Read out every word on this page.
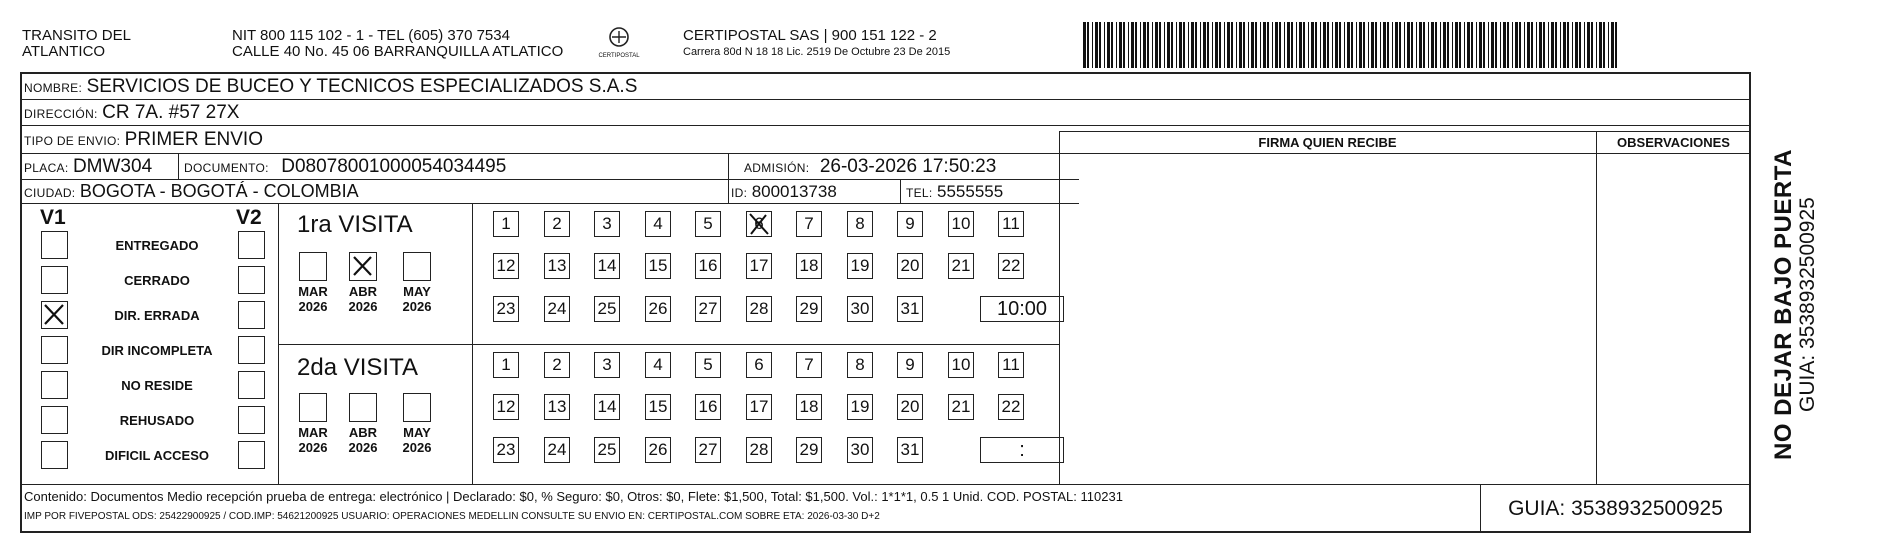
TRANSITO DEL
ATLANTICO
NIT 800 115 102 - 1 - TEL (605) 370 7534
CALLE 40 No. 45 06 BARRANQUILLA ATLATICO	CERTIPOSTAL
CERTIPOSTAL SAS | 900 151 122 - 2
Carrera 80d N 18 18 Lic. 2519 De Octubre 23 De 2015
NOMBRE: SERVICIOS DE BUCEO Y TECNICOS ESPECIALIZADOS S.A.S
DIRECCIÓN: CR 7A. #57 27X
TIPO DE ENVIO: PRIMER ENVIO
PLACA: DMW304	DOCUMENTO: D08078001000054034495	ADMISIÓN: 26-03-2026 17:50:23
CIUDAD: BOGOTA - BOGOTÁ - COLOMBIA	ID: 800013738	TEL: 5555555
FIRMA QUIEN RECIBE	OBSERVACIONES
V1	V2
ENTREGADO
CERRADO
DIR. ERRADA
DIR INCOMPLETA
NO RESIDE
REHUSADO
DIFICIL ACCESO
1ra VISITA
2da VISITA
MAR
2026
ABR
2026
MAY
2026
1	2	3	4	5	6	7	8	9	10 11
12 13 14 15 16 17 18 19 20 21 22
23 24 25 26 27 28 29 30 31	10:00
MAR
2026
ABR
2026
MAY
2026
1	2	3	4	5	6	7	8	9	10 11
12 13 14 15 16 17 18 19 20 21 22
23 24 25 26 27 28 29 30 31	:
Contenido: Documentos Medio recepción prueba de entrega: electrónico | Declarado: $0, % Seguro: $0, Otros: $0, Flete: $1,500, Total: $1,500. Vol.: 1*1*1, 0.5 1 Unid. COD. POSTAL: 110231
IMP POR FIVEPOSTAL ODS: 25422900925 / COD.IMP: 54621200925 USUARIO: OPERACIONES MEDELLIN CONSULTE SU ENVIO EN: CERTIPOSTAL.COM SOBRE ETA: 2026-03-30 D+2	GUIA: 3538932500925
NO DEJAR BAJO PUERTA GUIA: 3538932500925
